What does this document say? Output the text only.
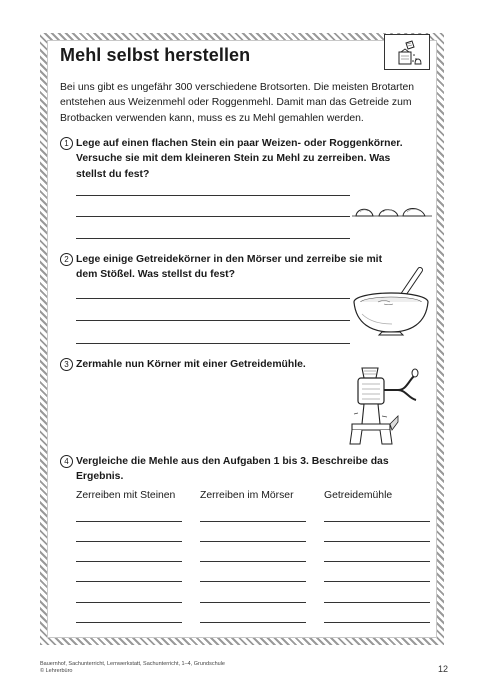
Mehl selbst herstellen

Bei uns gibt es ungefähr 300 verschiedene Brotsorten. Die meisten Brotarten entstehen aus Weizenmehl oder Roggenmehl. Damit man das Getreide zum Brotbacken verwenden kann, muss es zu Mehl gemahlen werden.

1 Lege auf einen flachen Stein ein paar Weizen- oder Roggenkörner. Versuche sie mit dem kleineren Stein zu Mehl zu zerreiben. Was stellst du fest?
2 Lege einige Getreidekörner in den Mörser und zerreibe sie mit dem Stößel. Was stellst du fest?
3 Zermahle nun Körner mit einer Getreidemühle.
4 Vergleiche die Mehle aus den Aufgaben 1 bis 3. Beschreibe das Ergebnis.
Zerreiben mit Steinen Zerreiben im Mörser	Getreidemühle
Bauernhof, Sachunterricht, Lernwerkstatt, Sachunterricht, 1–4, Grundschule
© Lehrerbüro	12
